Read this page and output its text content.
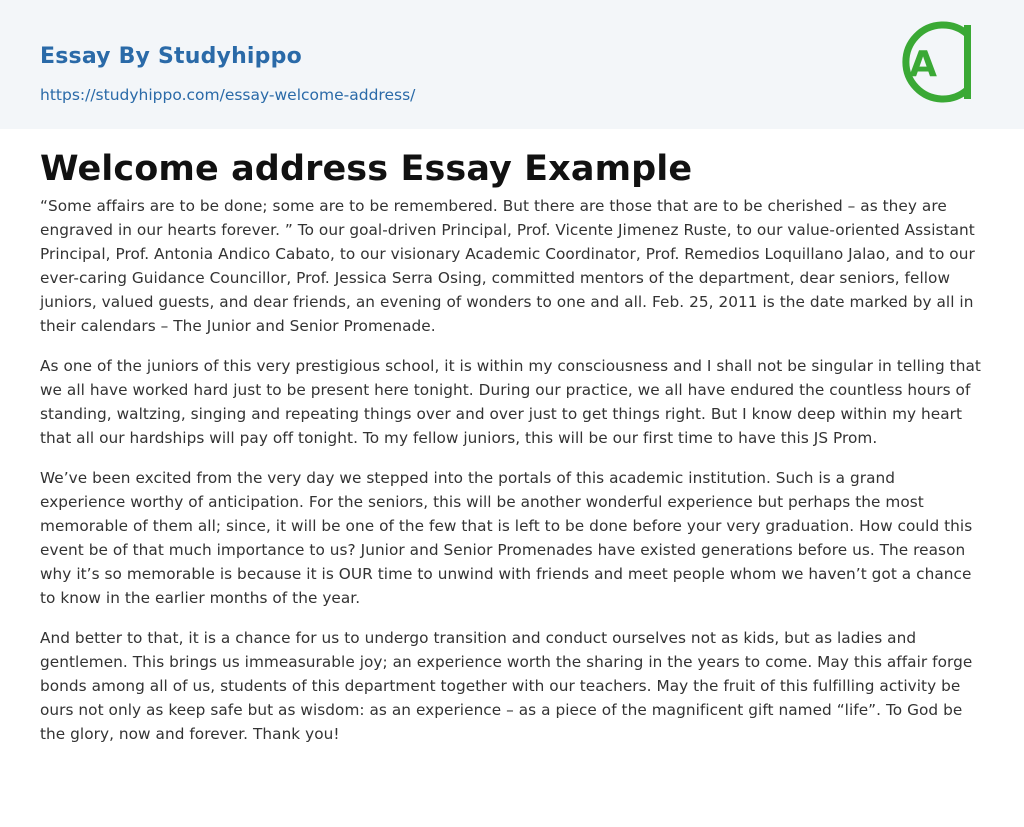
Essay By Studyhippo
https://studyhippo.com/essay-welcome-address/
A
Welcome address Essay Example

“Some affairs are to be done; some are to be remembered. But there are those that are to be cherished – as they are engraved in our hearts forever. ” To our goal-driven Principal, Prof. Vicente Jimenez Ruste, to our value-oriented Assistant Principal, Prof. Antonia Andico Cabato, to our visionary Academic Coordinator, Prof. Remedios Loquillano Jalao, and to our ever-caring Guidance Councillor, Prof. Jessica Serra Osing, committed mentors of the department, dear seniors, fellow juniors, valued guests, and dear friends, an evening of wonders to one and all. Feb. 25, 2011 is the date marked by all in their calendars – The Junior and Senior Promenade.

As one of the juniors of this very prestigious school, it is within my consciousness and I shall not be singular in telling that we all have worked hard just to be present here tonight. During our practice, we all have endured the countless hours of standing, waltzing, singing and repeating things over and over just to get things right. But I know deep within my heart that all our hardships will pay off tonight. To my fellow juniors, this will be our first time to have this JS Prom.

We’ve been excited from the very day we stepped into the portals of this academic institution. Such is a grand experience worthy of anticipation. For the seniors, this will be another wonderful experience but perhaps the most memorable of them all; since, it will be one of the few that is left to be done before your very graduation. How could this event be of that much importance to us? Junior and Senior Promenades have existed generations before us. The reason why it’s so memorable is because it is OUR time to unwind with friends and meet people whom we haven’t got a chance to know in the earlier months of the year.

And better to that, it is a chance for us to undergo transition and conduct ourselves not as kids, but as ladies and gentlemen. This brings us immeasurable joy; an experience worth the sharing in the years to come. May this affair forge bonds among all of us, students of this department together with our teachers. May the fruit of this fulfilling activity be ours not only as keep safe but as wisdom: as an experience – as a piece of the magnificent gift named “life”. To God be the glory, now and forever. Thank you!
